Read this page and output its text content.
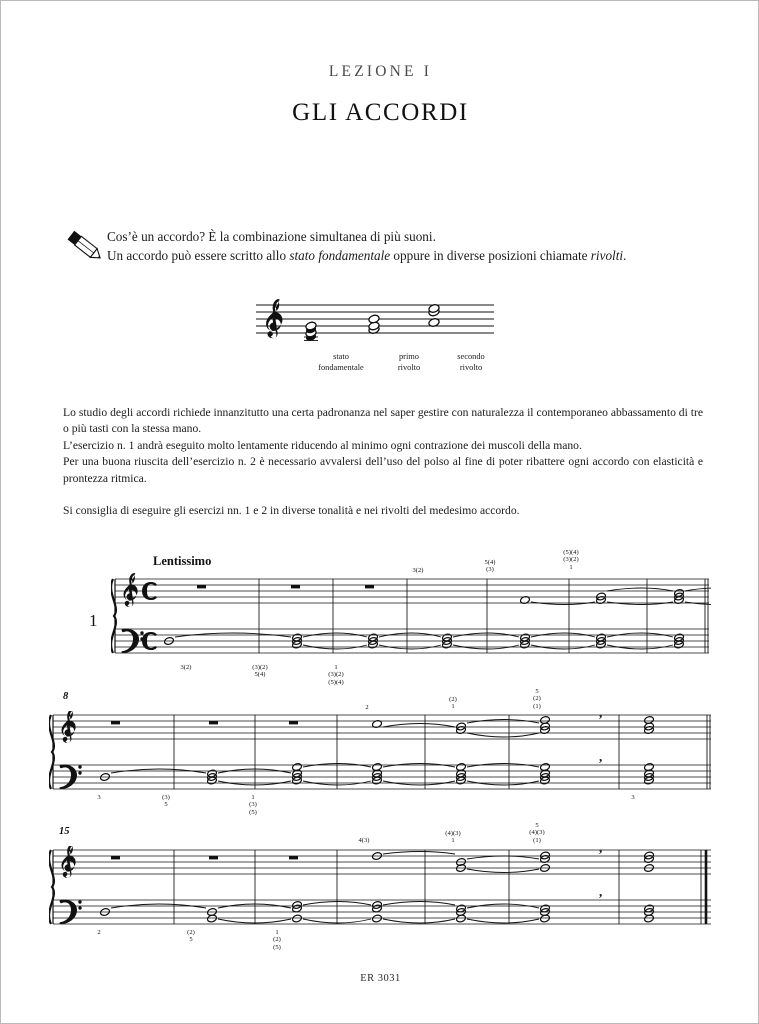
LEZIONE I
GLI ACCORDI
Cos’è un accordo? È la combinazione simultanea di più suoni.
Un accordo può essere scritto allo stato fondamentale oppure in diverse posizioni chiamate rivolti.
stato

fondamentale
primo

rivolto
secondo

rivolto

Lo studio degli accordi richiede innanzitutto una certa padronanza nel saper gestire con naturalezza il contemporaneo abbassamento di tre o più tasti con la stessa mano.

L’esercizio n. 1 andrà eseguito molto lentamente riducendo al minimo ogni contrazione dei muscoli della mano.

Per una buona riuscita dell’esercizio n. 2 è necessario avvalersi dell’uso del polso al fine di poter ribattere ogni accordo con elasticità e prontezza ritmica.

Si consiglia di eseguire gli esercizi nn. 1 e 2 in diverse tonalità e nei rivolti del medesimo accordo.

Lentissimo
1
8
15
3(2)
5(4)
(3)
(5)(4)
(3)(2)
1
3(2)	(3)(2)
5(4)
1
(3)(2)
(5)(4)
,
,
2
(2)
1
5
(2)
(1)
3	(3)
5
1
(3)
(5)
3
,
,
4(3)
(4)(3)
1
5
(4)(3)
(1)
2	(2)
5
1
(2)
(5)
ER 3031
